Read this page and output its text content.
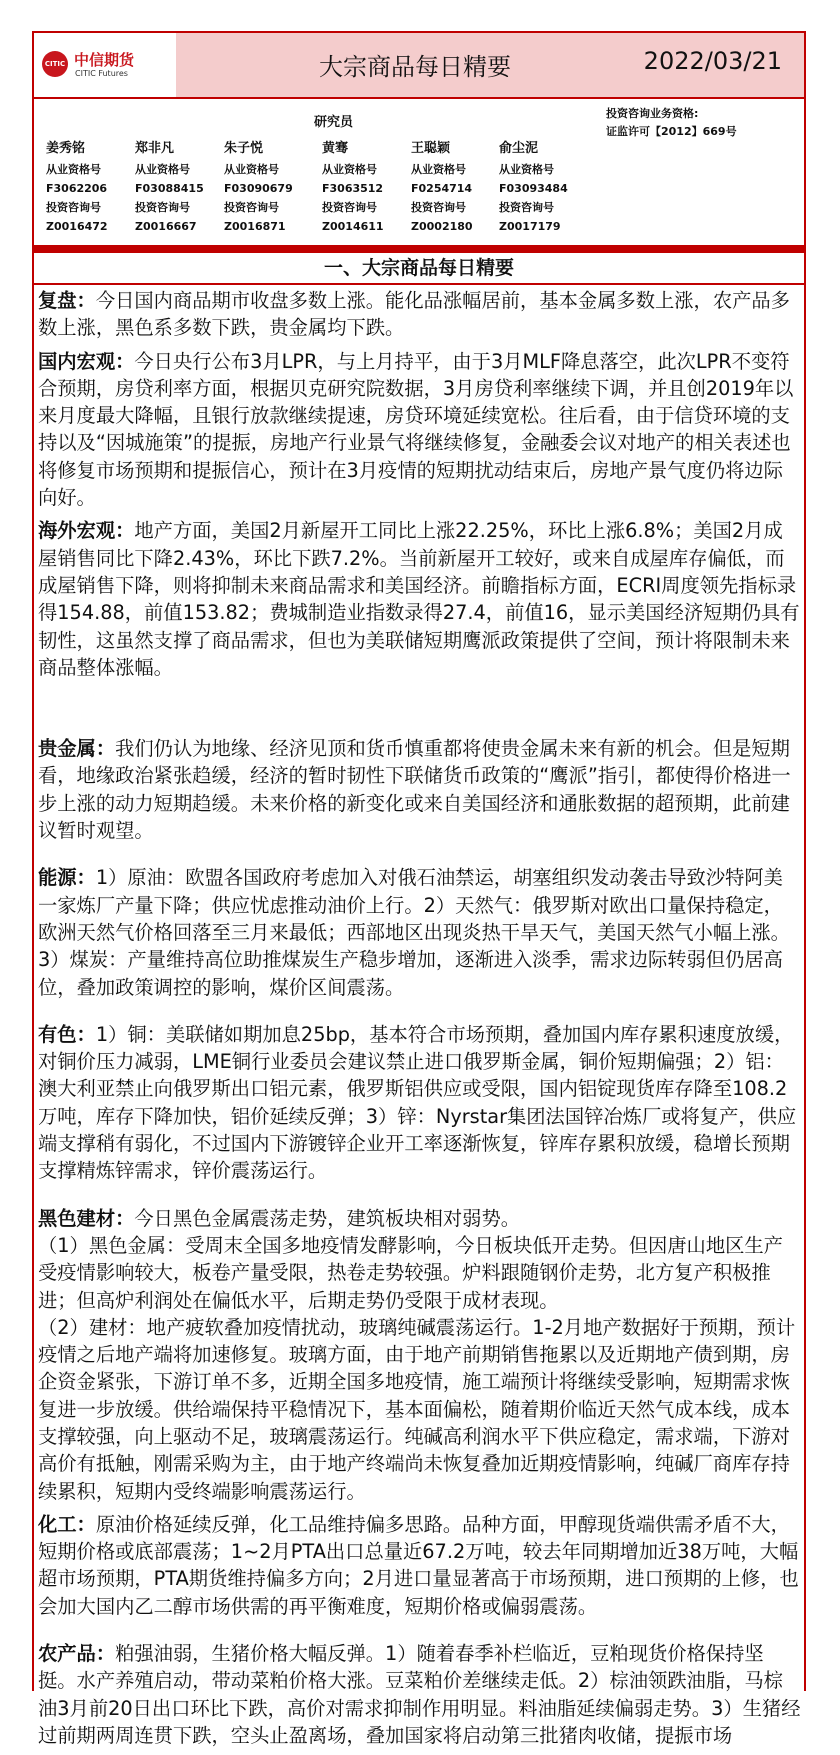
CITIC 中信期货
CITIC Futures	大宗商品每日精要	2022/03/21
研究员
投资咨询业务资格:
证监许可【2012】669号
姜秀铭
从业资格号
F3062206
投资咨询号
Z0016472
郑非凡
从业资格号
F03088415
投资咨询号
Z0016667
朱子悦
从业资格号
F03090679
投资咨询号
Z0016871
黄骞
从业资格号
F3063512
投资咨询号
Z0014611
王聪颖
从业资格号
F0254714
投资咨询号
Z0002180
俞尘泥
从业资格号
F03093484
投资咨询号
Z0017179
一、大宗商品每日精要

复盘：今日国内商品期市收盘多数上涨。能化品涨幅居前，基本金属多数上涨，农产品多数上涨，黑色系多数下跌，贵金属均下跌。

国内宏观：今日央行公布3月LPR，与上月持平，由于3月MLF降息落空，此次LPR不变符合预期，房贷利率方面，根据贝克研究院数据，3月房贷利率继续下调，并且创2019年以来月度最大降幅，且银行放款继续提速，房贷环境延续宽松。往后看，由于信贷环境的支持以及“因城施策”的提振，房地产行业景气将继续修复，金融委会议对地产的相关表述也将修复市场预期和提振信心，预计在3月疫情的短期扰动结束后，房地产景气度仍将边际向好。

海外宏观：地产方面，美国2月新屋开工同比上涨22.25%，环比上涨6.8%；美国2月成屋销售同比下降2.43%，环比下跌7.2%。当前新屋开工较好，或来自成屋库存偏低，而成屋销售下降，则将抑制未来商品需求和美国经济。前瞻指标方面，ECRI周度领先指标录得154.88，前值153.82；费城制造业指数录得27.4，前值16，显示美国经济短期仍具有韧性，这虽然支撑了商品需求，但也为美联储短期鹰派政策提供了空间，预计将限制未来商品整体涨幅。

贵金属：我们仍认为地缘、经济见顶和货币慎重都将使贵金属未来有新的机会。但是短期看，地缘政治紧张趋缓，经济的暂时韧性下联储货币政策的“鹰派”指引，都使得价格进一步上涨的动力短期趋缓。未来价格的新变化或来自美国经济和通胀数据的超预期，此前建议暂时观望。

能源：1）原油：欧盟各国政府考虑加入对俄石油禁运，胡塞组织发动袭击导致沙特阿美一家炼厂产量下降；供应忧虑推动油价上行。2）天然气：俄罗斯对欧出口量保持稳定，欧洲天然气价格回落至三月来最低；西部地区出现炎热干旱天气，美国天然气小幅上涨。3）煤炭：产量维持高位助推煤炭生产稳步增加，逐渐进入淡季，需求边际转弱但仍居高位，叠加政策调控的影响，煤价区间震荡。

有色：1）铜：美联储如期加息25bp，基本符合市场预期，叠加国内库存累积速度放缓，对铜价压力减弱，LME铜行业委员会建议禁止进口俄罗斯金属，铜价短期偏强；2）铝：澳大利亚禁止向俄罗斯出口铝元素，俄罗斯铝供应或受限，国内铝锭现货库存降至108.2万吨，库存下降加快，铝价延续反弹；3）锌：Nyrstar集团法国锌冶炼厂或将复产，供应端支撑稍有弱化，不过国内下游镀锌企业开工率逐渐恢复，锌库存累积放缓，稳增长预期支撑精炼锌需求，锌价震荡运行。

黑色建材：今日黑色金属震荡走势，建筑板块相对弱势。

（1）黑色金属：受周末全国多地疫情发酵影响，今日板块低开走势。但因唐山地区生产受疫情影响较大，板卷产量受限，热卷走势较强。炉料跟随钢价走势，北方复产积极推进；但高炉利润处在偏低水平，后期走势仍受限于成材表现。

（2）建材：地产疲软叠加疫情扰动，玻璃纯碱震荡运行。1-2月地产数据好于预期，预计疫情之后地产端将加速修复。玻璃方面，由于地产前期销售拖累以及近期地产债到期，房企资金紧张，下游订单不多，近期全国多地疫情，施工端预计将继续受影响，短期需求恢复进一步放缓。供给端保持平稳情况下，基本面偏松，随着期价临近天然气成本线，成本支撑较强，向上驱动不足，玻璃震荡运行。纯碱高利润水平下供应稳定，需求端，下游对高价有抵触，刚需采购为主，由于地产终端尚未恢复叠加近期疫情影响，纯碱厂商库存持续累积，短期内受终端影响震荡运行。

化工：原油价格延续反弹，化工品维持偏多思路。品种方面，甲醇现货端供需矛盾不大，短期价格或底部震荡；1~2月PTA出口总量近67.2万吨，较去年同期增加近38万吨，大幅超市场预期，PTA期货维持偏多方向；2月进口量显著高于市场预期，进口预期的上修，也会加大国内乙二醇市场供需的再平衡难度，短期价格或偏弱震荡。

农产品：粕强油弱，生猪价格大幅反弹。1）随着春季补栏临近，豆粕现货价格保持坚挺。水产养殖启动，带动菜粕价格大涨。豆菜粕价差继续走低。2）棕油领跌油脂，马棕油3月前20日出口环比下跌，高价对需求抑制作用明显。料油脂延续偏弱走势。3）生猪经过前期两周连贯下跌，空头止盈离场，叠加国家将启动第三批猪肉收储，提振市场
